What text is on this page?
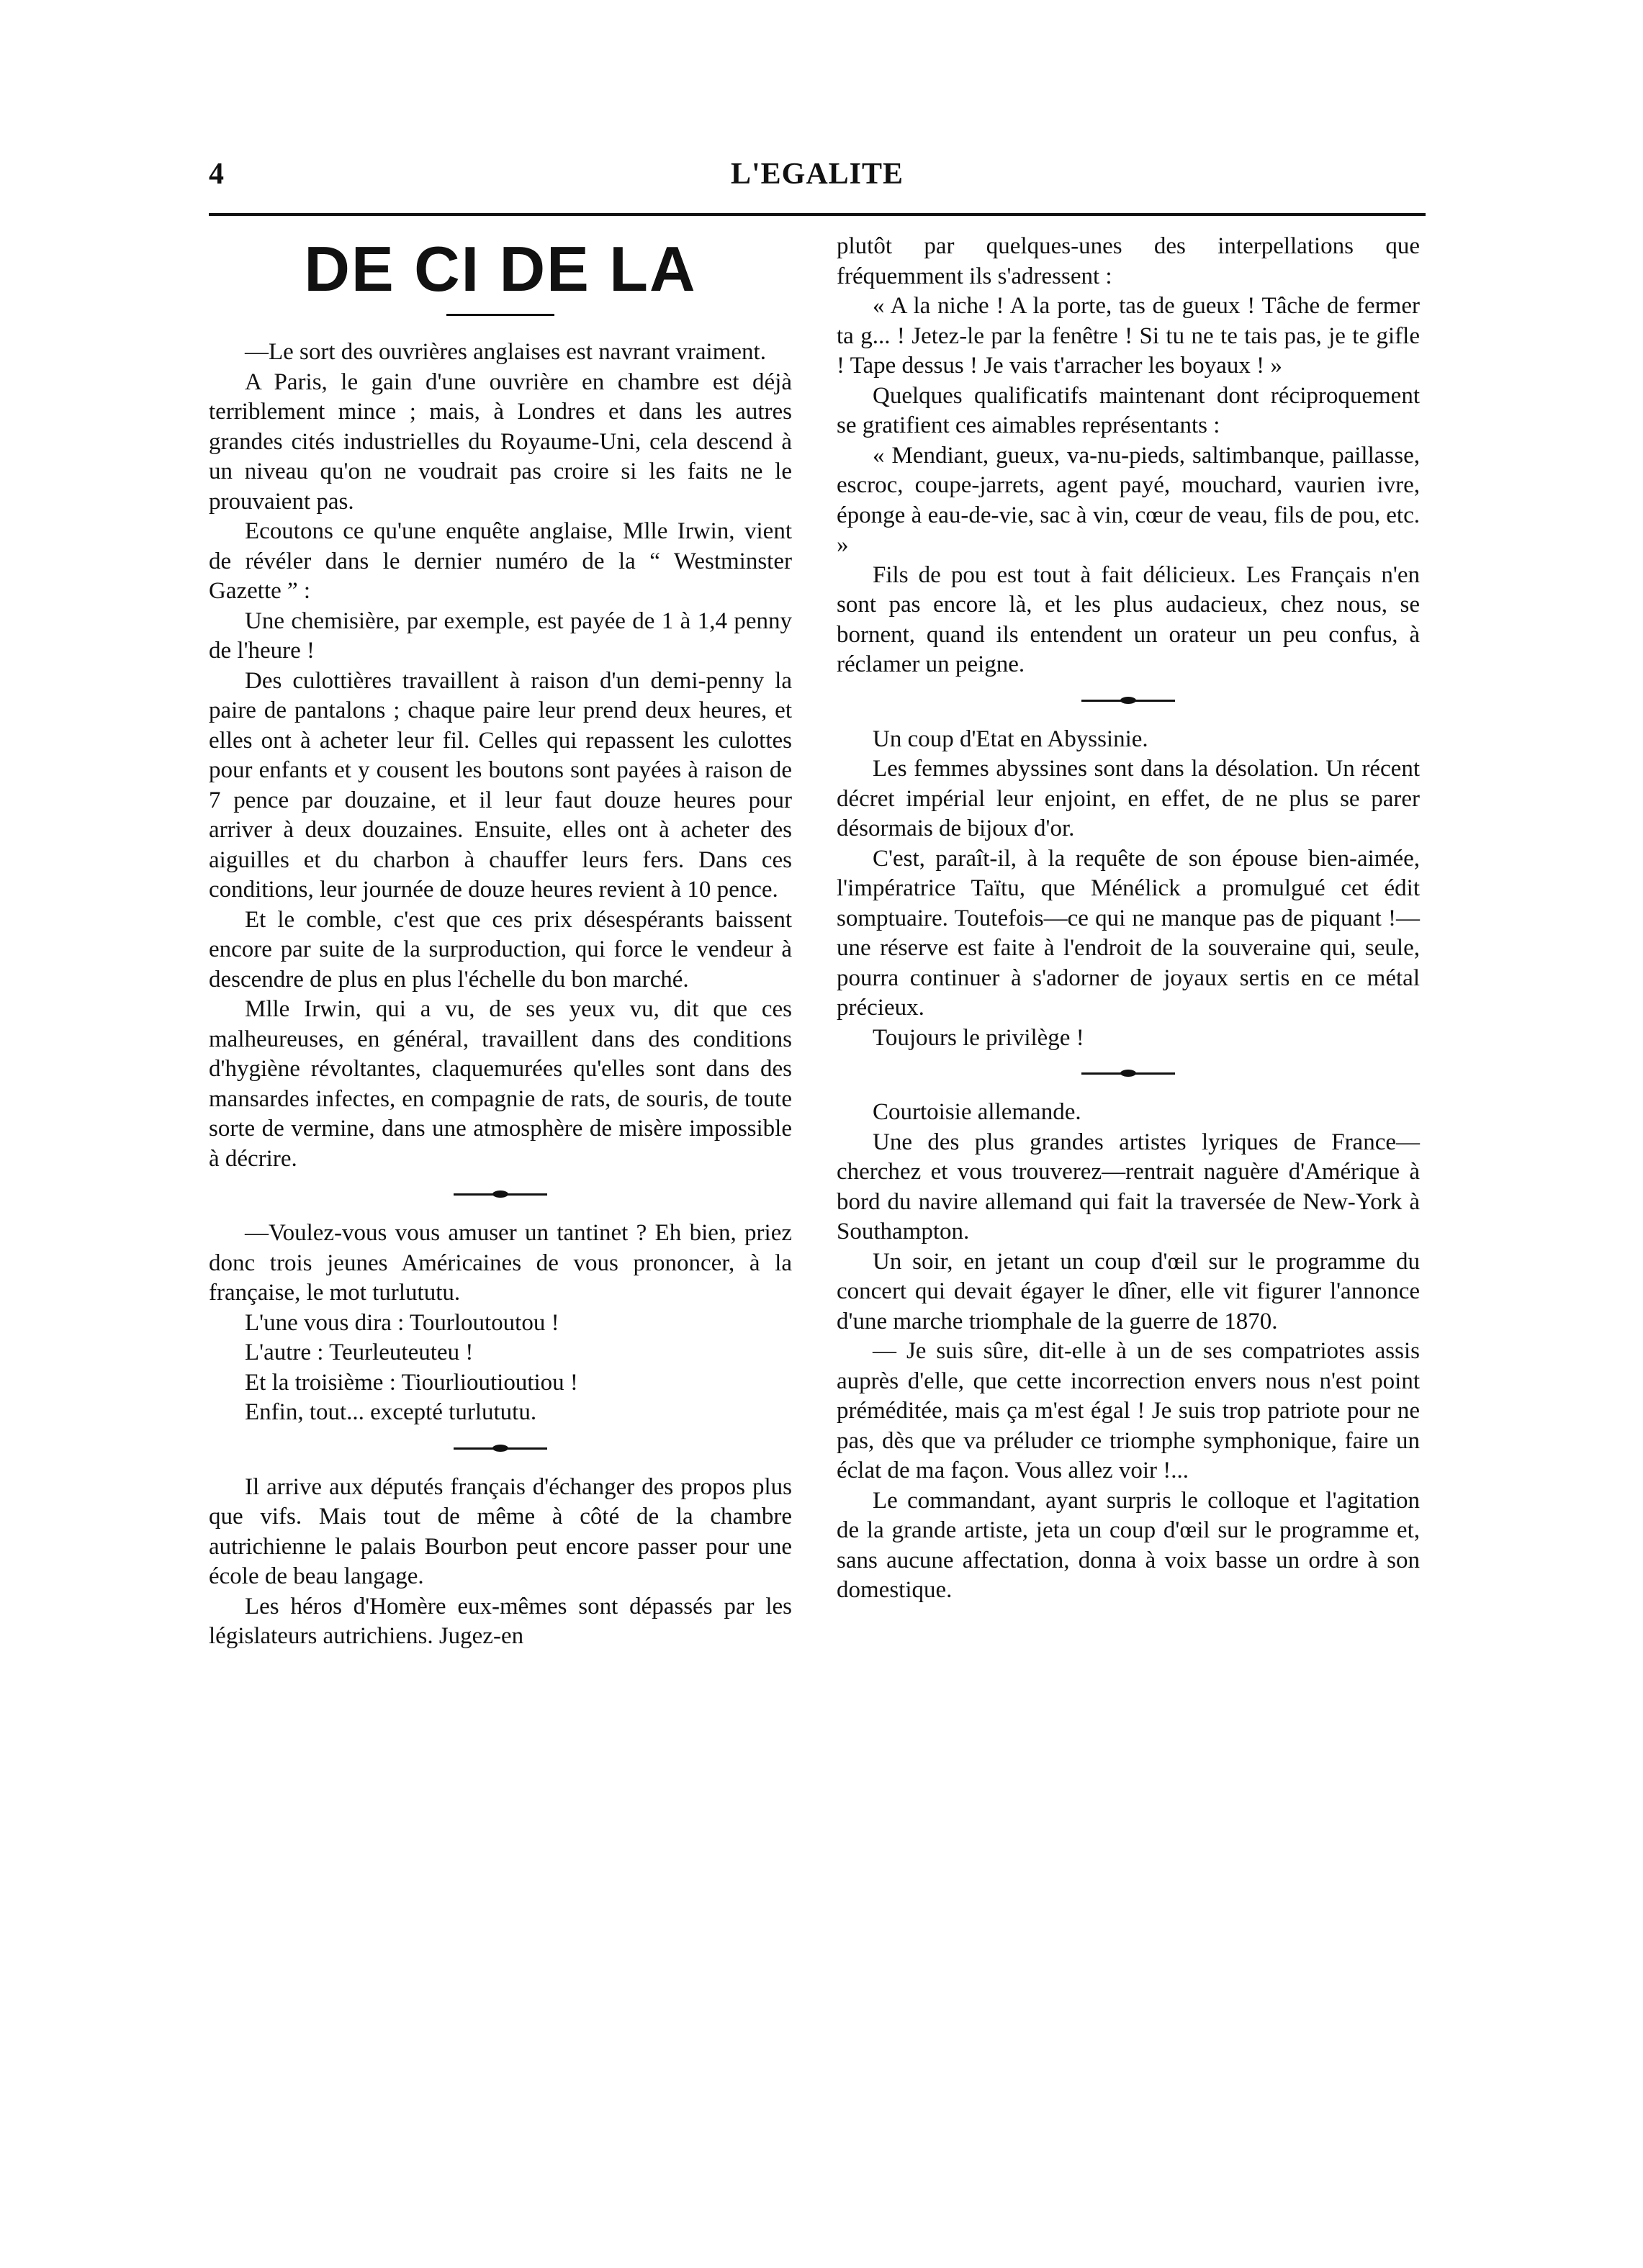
4	L'EGALITE
DE CI DE LA

—Le sort des ouvrières anglaises est navrant vraiment.

A Paris, le gain d'une ouvrière en chambre est déjà terriblement mince ; mais, à Londres et dans les autres grandes cités industrielles du Royaume-Uni, cela descend à un niveau qu'on ne voudrait pas croire si les faits ne le prouvaient pas.

Ecoutons ce qu'une enquête anglaise, Mlle Irwin, vient de révéler dans le dernier numéro de la “ Westminster Gazette ” :

Une chemisière, par exemple, est payée de 1 à 1,4 penny de l'heure !

Des culottières travaillent à raison d'un demi-penny la paire de pantalons ; chaque paire leur prend deux heures, et elles ont à acheter leur fil. Celles qui repassent les culottes pour enfants et y cousent les boutons sont payées à raison de 7 pence par douzaine, et il leur faut douze heures pour arriver à deux douzaines. Ensuite, elles ont à acheter des aiguilles et du charbon à chauffer leurs fers. Dans ces conditions, leur journée de douze heures revient à 10 pence.

Et le comble, c'est que ces prix désespérants baissent encore par suite de la surproduction, qui force le vendeur à descendre de plus en plus l'échelle du bon marché.

Mlle Irwin, qui a vu, de ses yeux vu, dit que ces malheureuses, en général, travaillent dans des conditions d'hygiène révoltantes, claquemurées qu'elles sont dans des mansardes infectes, en compagnie de rats, de souris, de toute sorte de vermine, dans une atmosphère de misère impossible à décrire.

—Voulez-vous vous amuser un tantinet ? Eh bien, priez donc trois jeunes Américaines de vous prononcer, à la française, le mot turlututu.

L'une vous dira : Tourloutoutou !
L'autre : Teurleuteuteu !
Et la troisième : Tiourlioutioutiou !
Enfin, tout... excepté turlututu.

Il arrive aux députés français d'échanger des propos plus que vifs. Mais tout de même à côté de la chambre autrichienne le palais Bourbon peut encore passer pour une école de beau langage.

Les héros d'Homère eux-mêmes sont dépassés par les législateurs autrichiens. Jugez-en

plutôt par quelques-unes des interpellations que fréquemment ils s'adressent :

« A la niche ! A la porte, tas de gueux ! Tâche de fermer ta g... ! Jetez-le par la fenêtre ! Si tu ne te tais pas, je te gifle ! Tape dessus ! Je vais t'arracher les boyaux ! »

Quelques qualificatifs maintenant dont réciproquement se gratifient ces aimables représentants :

« Mendiant, gueux, va-nu-pieds, saltimbanque, paillasse, escroc, coupe-jarrets, agent payé, mouchard, vaurien ivre, éponge à eau-de-vie, sac à vin, cœur de veau, fils de pou, etc. »

Fils de pou est tout à fait délicieux. Les Français n'en sont pas encore là, et les plus audacieux, chez nous, se bornent, quand ils entendent un orateur un peu confus, à réclamer un peigne.

Un coup d'Etat en Abyssinie.

Les femmes abyssines sont dans la désolation. Un récent décret impérial leur enjoint, en effet, de ne plus se parer désormais de bijoux d'or.

C'est, paraît-il, à la requête de son épouse bien-aimée, l'impératrice Taïtu, que Ménélick a promulgué cet édit somptuaire. Toutefois—ce qui ne manque pas de piquant !—une réserve est faite à l'endroit de la souveraine qui, seule, pourra continuer à s'adorner de joyaux sertis en ce métal précieux.

Toujours le privilège !

Courtoisie allemande.

Une des plus grandes artistes lyriques de France—cherchez et vous trouverez—rentrait naguère d'Amérique à bord du navire allemand qui fait la traversée de New-York à Southampton.

Un soir, en jetant un coup d'œil sur le programme du concert qui devait égayer le dîner, elle vit figurer l'annonce d'une marche triomphale de la guerre de 1870.

— Je suis sûre, dit-elle à un de ses compatriotes assis auprès d'elle, que cette incorrection envers nous n'est point préméditée, mais ça m'est égal ! Je suis trop patriote pour ne pas, dès que va préluder ce triomphe symphonique, faire un éclat de ma façon. Vous allez voir !...

Le commandant, ayant surpris le colloque et l'agitation de la grande artiste, jeta un coup d'œil sur le programme et, sans aucune affectation, donna à voix basse un ordre à son domestique.
